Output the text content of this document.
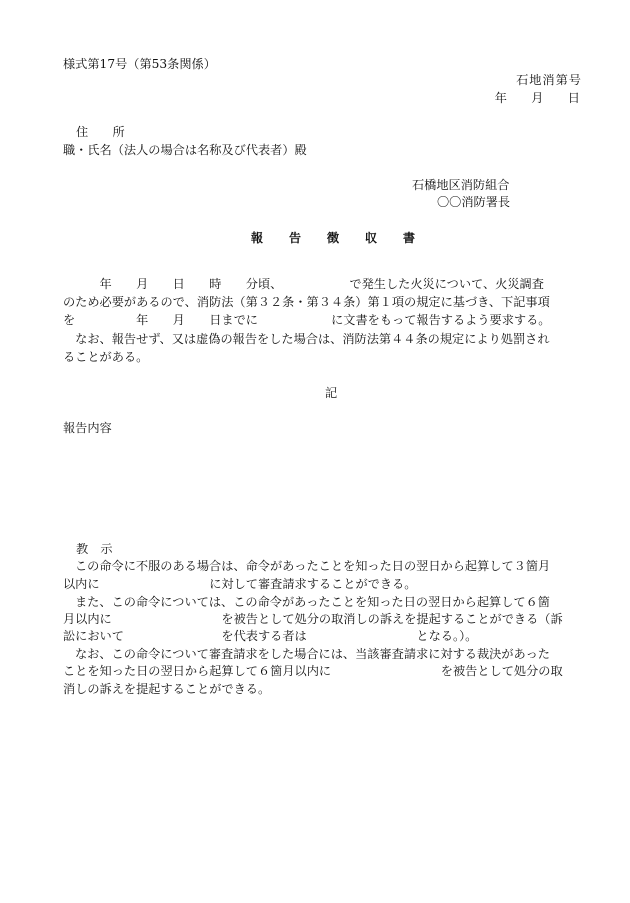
様式第17号（第53条関係）
石地消第号
年　　月　　日
住　　所
職・氏名（法人の場合は名称及び代表者）殿
石橋地区消防組合
〇〇消防署長
報 告 徴 収 書
　　　年　　月　　日　　時　　分頃、　　　　　　で発生した火災について、火災調査
のため必要があるので、消防法（第３２条・第３４条）第１項の規定に基づき、下記事項
を　　　　　年　　月　　日までに　　　　　　に文書をもって報告するよう要求する。
　なお、報告せず、又は虚偽の報告をした場合は、消防法第４４条の規定により処罰され
ることがある。
記
報告内容
教　示
この命令に不服のある場合は、命令があったことを知った日の翌日から起算して３箇月
以内に　　　　　　　　　に対して審査請求することができる。
また、この命令については、この命令があったことを知った日の翌日から起算して６箇
月以内に　　　　　　　　　を被告として処分の取消しの訴えを提起することができる（訴
訟において　　　　　　　　を代表する者は　　　　　　　　　となる。）。
なお、この命令について審査請求をした場合には、当該審査請求に対する裁決があった
ことを知った日の翌日から起算して６箇月以内に　　　　　　　　　を被告として処分の取
消しの訴えを提起することができる。
